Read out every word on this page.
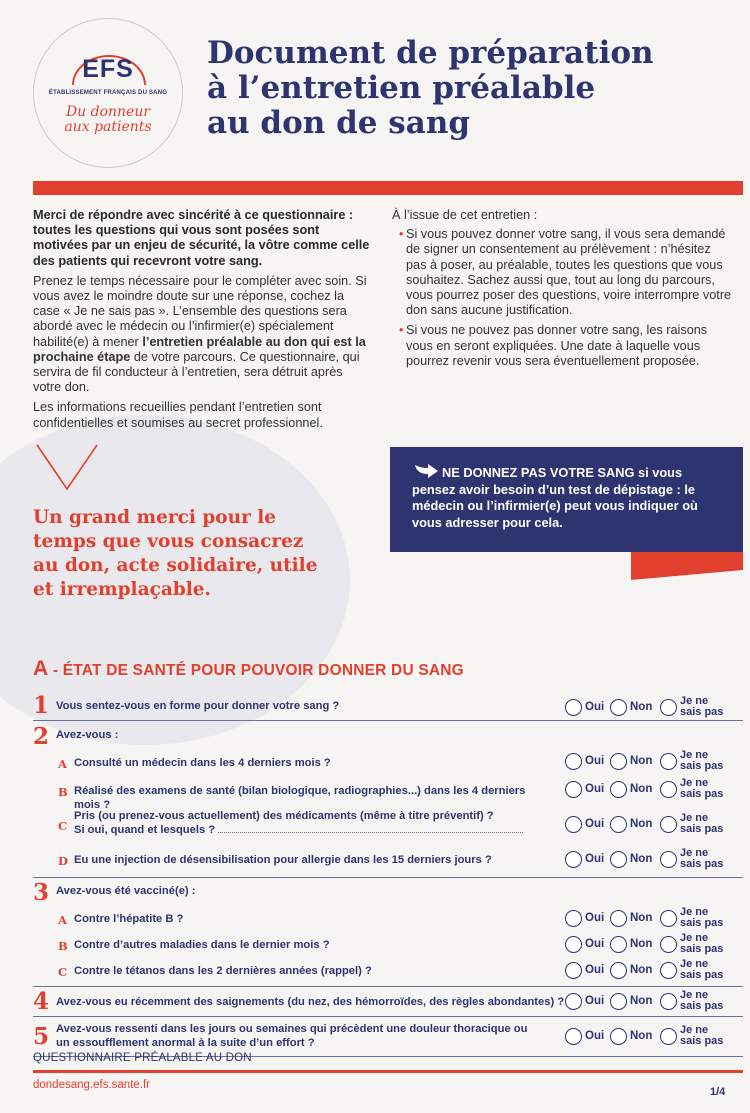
EFS
ÉTABLISSEMENT FRANÇAIS DU SANG
Du donneur aux patients
Document de préparation
à l’entretien préalable
au don de sang

Merci de répondre avec sincérité à ce questionnaire : toutes les questions qui vous sont posées sont motivées par un enjeu de sécurité, la vôtre comme celle des patients qui recevront votre sang.

Prenez le temps nécessaire pour le compléter avec soin. Si vous avez le moindre doute sur une réponse, cochez la case « Je ne sais pas ». L’ensemble des questions sera abordé avec le médecin ou l’infirmier(e) spécialement habilité(e) à mener l’entretien préalable au don qui est la prochaine étape de votre parcours. Ce questionnaire, qui servira de fil conducteur à l’entretien, sera détruit après votre don.

Les informations recueillies pendant l’entretien sont confidentielles et soumises au secret professionnel.

À l’issue de cet entretien :
• Si vous pouvez donner votre sang, il vous sera demandé de signer un consentement au prélèvement : n’hésitez pas à poser, au préalable, toutes les questions que vous souhaitez. Sachez aussi que, tout au long du parcours, vous pourrez poser des questions, voire interrompre votre don sans aucune justification.
• Si vous ne pouvez pas donner votre sang, les raisons vous en seront expliquées. Une date à laquelle vous pourrez revenir vous sera éventuellement proposée.
Un grand merci pour le temps que vous consacrez au don, acte solidaire, utile et irremplaçable.
NE DONNEZ PAS VOTRE SANG si vous pensez avoir besoin d’un test de dépistage : le médecin ou l’infirmier(e) peut vous indiquer où vous adresser pour cela.
A - ÉTAT DE SANTÉ POUR POUVOIR DONNER DU SANG
1 Vous sentez-vous en forme pour donner votre sang ?	Oui Non	Je ne
sais pas
2 Avez-vous :
A Consulté un médecin dans les 4 derniers mois ?	Oui Non	Je ne
sais pas
B Réalisé des examens de santé (bilan biologique, radiographies...) dans les 4 derniers mois ?
Oui Non	Je ne
sais pas
C
Pris (ou prenez-vous actuellement) des médicaments (même à titre préventif) ?
Si oui, quand et lesquels ?	Oui Non	Je ne
sais pas
D Eu une injection de désensibilisation pour allergie dans les 15 derniers jours ?	Oui Non	Je ne
sais pas
3 Avez-vous été vacciné(e) :
A Contre l’hépatite B ?	Oui Non	Je ne
sais pas
B Contre d’autres maladies dans le dernier mois ?	Oui Non	Je ne
sais pas
C Contre le tétanos dans les 2 dernières années (rappel) ?	Oui Non	Je ne
sais pas
4 Avez-vous eu récemment des saignements (du nez, des hémorroïdes, des règles abondantes) ? Oui Non	Je ne
sais pas
5 Avez-vous ressenti dans les jours ou semaines qui précèdent une douleur thoracique ou
un essoufflement anormal à la suite d’un effort ?
Oui Non	Je ne
sais pas
QUESTIONNAIRE PRÉALABLE AU DON
dondesang.efs.sante.fr
1/4
